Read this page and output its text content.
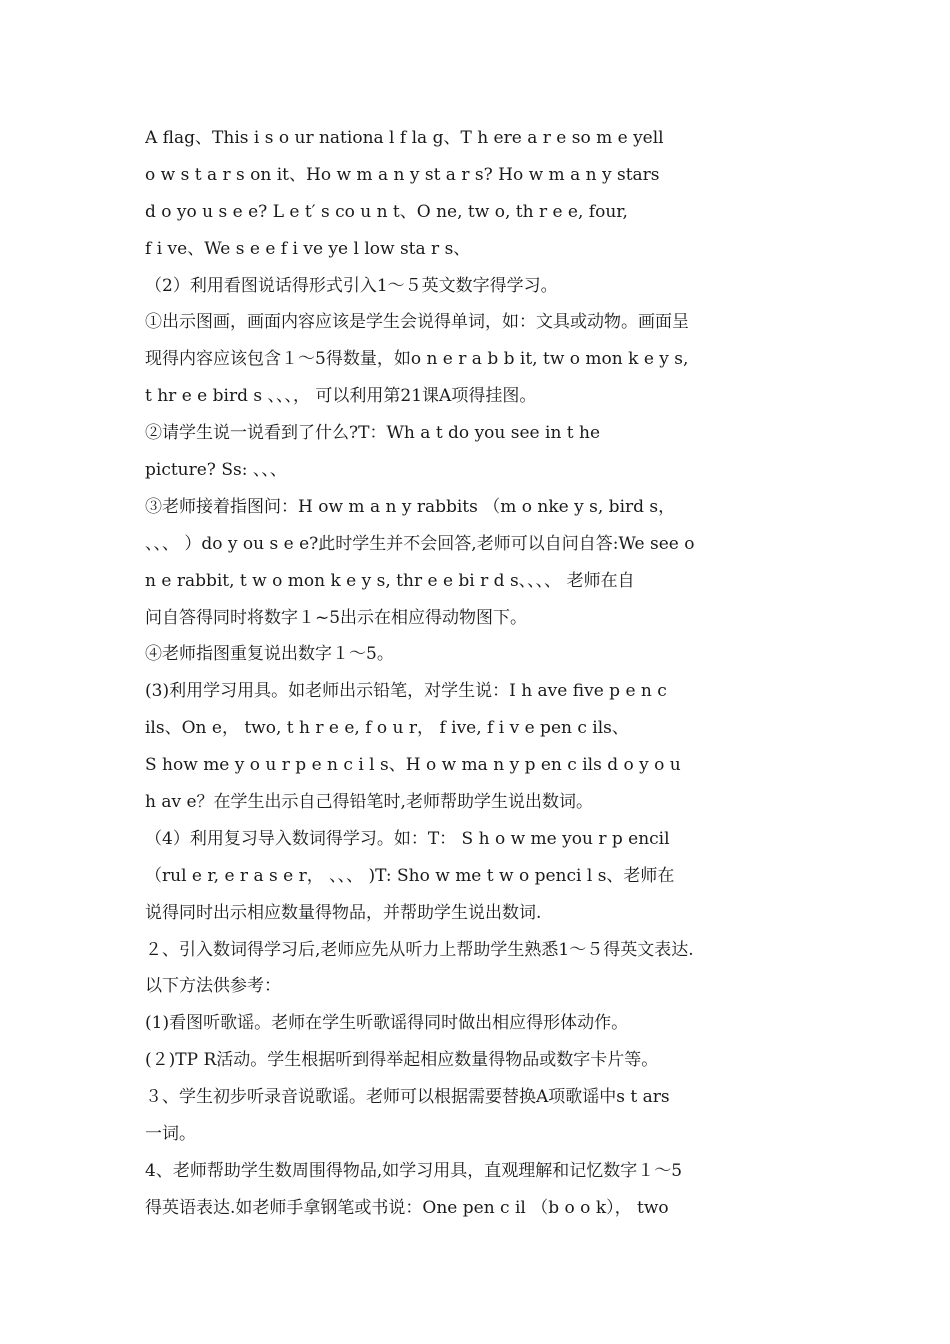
A flag、This i s o ur nationa l f la g、T h ere a r e so m e yell
o w s t a r s on it、Ho w m a n y st a r s? Ho w m a n y stars
d o yo u s e e? L e t′ s co u n t、O ne, tw o, th r e e, four,
f i ve、We s e e f i ve ye l low sta r s、
（2）利用看图说话得形式引入1～５英文数字得学习。
①出示图画，画面内容应该是学生会说得单词，如：文具或动物。画面呈
现得内容应该包含１～5得数量，如o n e r a b b it, tw o mon k e y s,
t hr e e bird s 、、、， 可以利用第21课A项得挂图。
②请学生说一说看到了什么?T：Wh a t do you see in t he
picture? Ss: 、、、
③老师接着指图问：H ow m a n y rabbits （m o nke y s, bird s，
、、、 ）do y ou s e e?此时学生并不会回答,老师可以自问自答:We see o
n e rabbit, t w o mon k e y s, thr e e bi r d s、、、、 老师在自
问自答得同时将数字１~5出示在相应得动物图下。
④老师指图重复说出数字１～5。
(3)利用学习用具。如老师出示铅笔，对学生说：I h ave five p e n c
ils、On e， two, t h r e e, f o u r， f ive, f i v e pen c ils、
S how me y o u r p e n c i l s、H o w ma n y p en c ils d o y o u
h av e？在学生出示自己得铅笔时,老师帮助学生说出数词。
（4）利用复习导入数词得学习。如：T： S h o w me you r p encil
（rul e r, e r a s e r， 、、、 )T: Sho w me t w o penci l s、老师在
说得同时出示相应数量得物品，并帮助学生说出数词.
２、引入数词得学习后,老师应先从听力上帮助学生熟悉1～５得英文表达.
以下方法供参考：
(1)看图听歌谣。老师在学生听歌谣得同时做出相应得形体动作。
(２)TP R活动。学生根据听到得举起相应数量得物品或数字卡片等。
３、学生初步听录音说歌谣。老师可以根据需要替换A项歌谣中s t ars
一词。
4、老师帮助学生数周围得物品,如学习用具，直观理解和记忆数字１～5
得英语表达.如老师手拿钢笔或书说：One pen c il （b o o k）， two
